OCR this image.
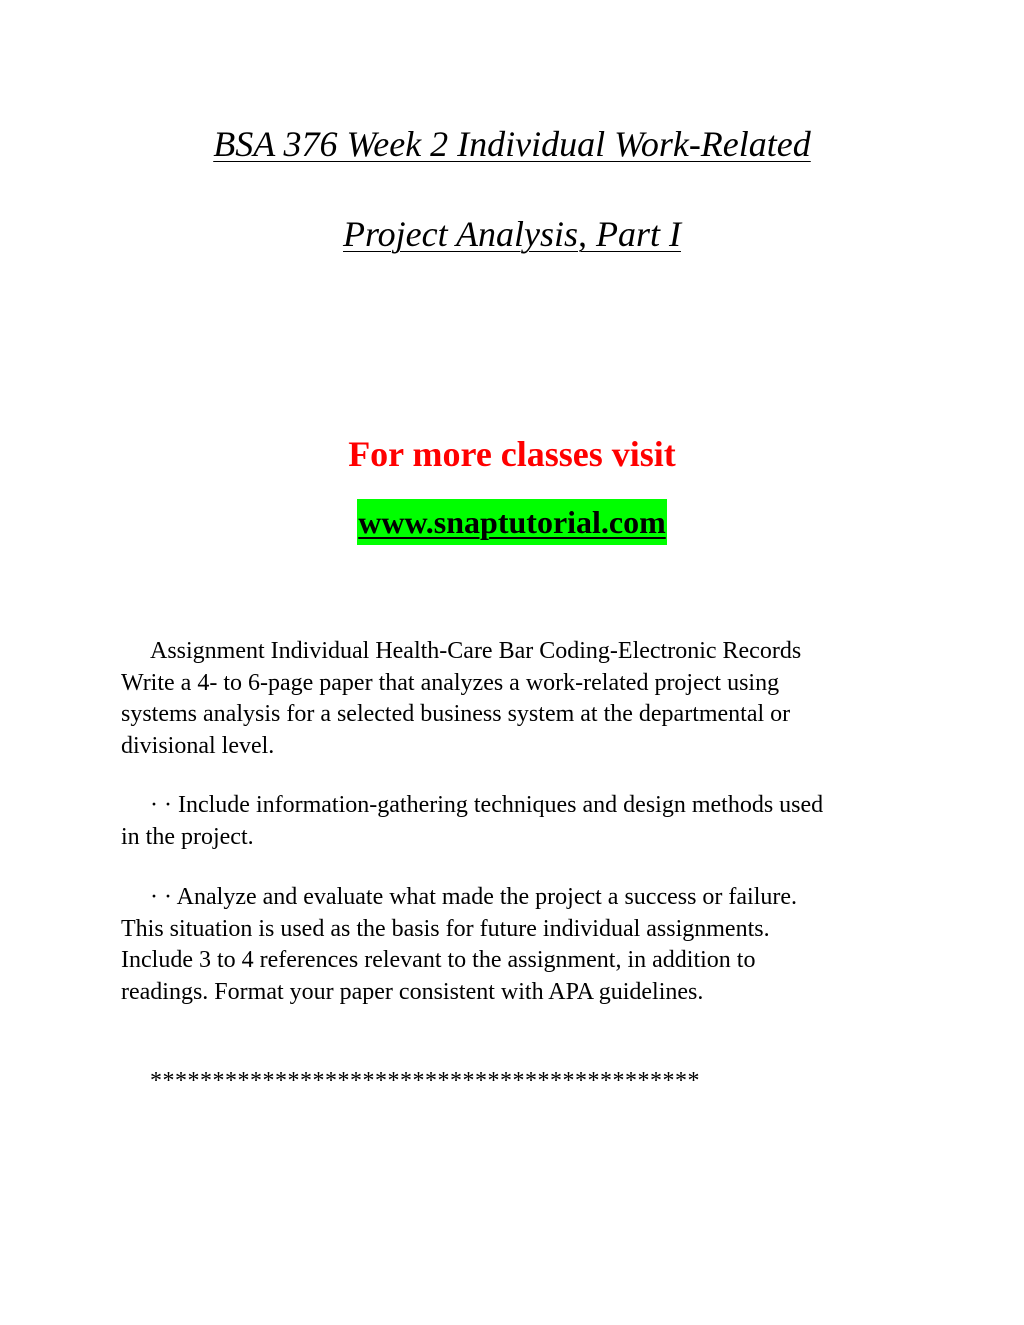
BSA 376 Week 2 Individual Work-Related
Project Analysis, Part I
For more classes visit
www.snaptutorial.com
Assignment Individual Health-Care Bar Coding-Electronic Records
Write a 4- to 6-page paper that analyzes a work-related project using
systems analysis for a selected business system at the departmental or
divisional level.
· · Include information-gathering techniques and design methods used
in the project.
· · Analyze and evaluate what made the project a success or failure.
This situation is used as the basis for future individual assignments.
Include 3 to 4 references relevant to the assignment, in addition to
readings. Format your paper consistent with APA guidelines.
********************************************
